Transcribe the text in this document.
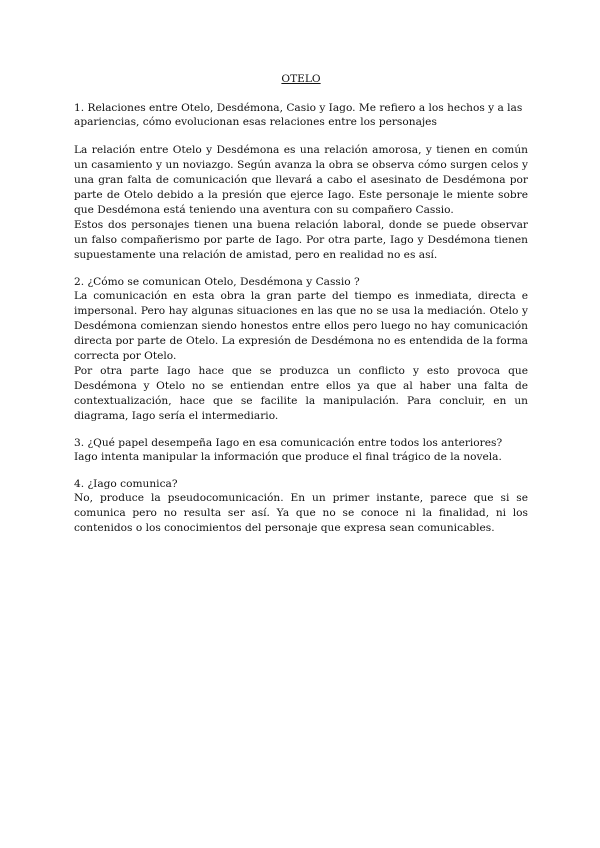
OTELO

1. Relaciones entre Otelo, Desdémona, Casio y Iago. Me refiero a los hechos y a las apariencias, cómo evolucionan esas relaciones entre los personajes

La relación entre Otelo y Desdémona es una relación amorosa, y tienen en común un casamiento y un noviazgo. Según avanza la obra se observa cómo surgen celos y una gran falta de comunicación que llevará a cabo el asesinato de Desdémona por parte de Otelo debido a la presión que ejerce Iago. Este personaje le miente sobre que Desdémona está teniendo una aventura con su compañero Cassio.

Estos dos personajes tienen una buena relación laboral, donde se puede observar un falso compañerismo por parte de Iago. Por otra parte, Iago y Desdémona tienen supuestamente una relación de amistad, pero en realidad no es así.

2. ¿Cómo se comunican Otelo, Desdémona y Cassio ?

La comunicación en esta obra la gran parte del tiempo es inmediata, directa e impersonal. Pero hay algunas situaciones en las que no se usa la mediación. Otelo y Desdémona comienzan siendo honestos entre ellos pero luego no hay comunicación directa por parte de Otelo. La expresión de Desdémona no es entendida de la forma correcta por Otelo.

Por otra parte Iago hace que se produzca un conflicto y esto provoca que Desdémona y Otelo no se entiendan entre ellos ya que al haber una falta de contextualización, hace que se facilite la manipulación. Para concluir, en un diagrama, Iago sería el intermediario.

3. ¿Qué papel desempeña Iago en esa comunicación entre todos los anteriores?

Iago intenta manipular la información que produce el final trágico de la novela.

4. ¿Iago comunica?

No, produce la pseudocomunicación. En un primer instante, parece que si se comunica pero no resulta ser así. Ya que no se conoce ni la finalidad, ni los contenidos o los conocimientos del personaje que expresa sean comunicables.
